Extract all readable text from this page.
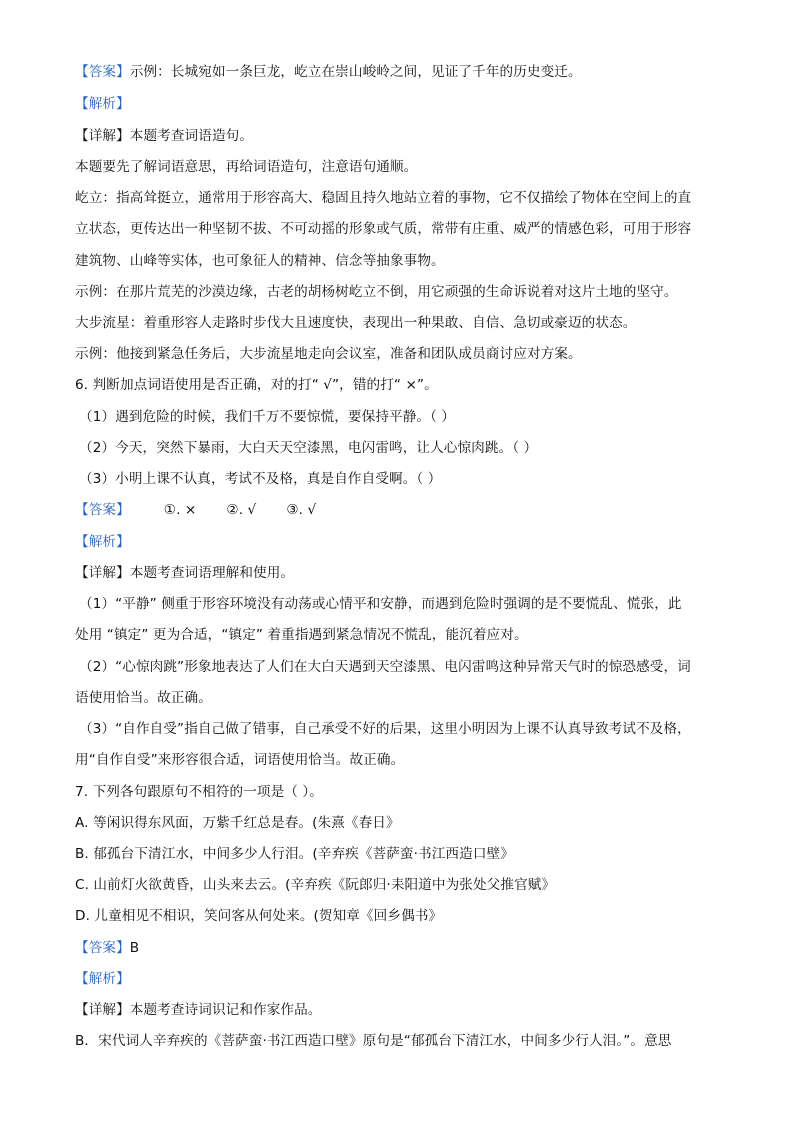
【答案】示例：长城宛如一条巨龙，屹立在崇山峻岭之间，见证了千年的历史变迁。
【解析】
【详解】本题考查词语造句。
本题要先了解词语意思，再给词语造句，注意语句通顺。
屹立：指高耸挺立，通常用于形容高大、稳固且持久地站立着的事物，它不仅描绘了物体在空间上的直
立状态，更传达出一种坚韧不拔、不可动摇的形象或气质，常带有庄重、威严的情感色彩，可用于形容
建筑物、山峰等实体，也可象征人的精神、信念等抽象事物。
示例：在那片荒芜的沙漠边缘，古老的胡杨树屹立不倒，用它顽强的生命诉说着对这片土地的坚守。
大步流星：着重形容人走路时步伐大且速度快，表现出一种果敢、自信、急切或豪迈的状态。
示例：他接到紧急任务后，大步流星地走向会议室，准备和团队成员商讨应对方案。
6. 判断加点词语使用是否正确，对的打“ √”，错的打“ ×”。
（1）遇到危险的时候，我们千万不要惊慌，要保持平静。（ ）
（2）今天，突然下暴雨，大白天天空漆黑，电闪雷鸣，让人心惊肉跳。（ ）
（3）小明上课不认真，考试不及格，真是自作自受啊。（ ）
【答案】	①. × ②. √ ③. √
【解析】
【详解】本题考查词语理解和使用。
（1）“平静” 侧重于形容环境没有动荡或心情平和安静，而遇到危险时强调的是不要慌乱、慌张，此
处用 “镇定” 更为合适，“镇定” 着重指遇到紧急情况不慌乱，能沉着应对。
（2）“心惊肉跳”形象地表达了人们在大白天遇到天空漆黑、电闪雷鸣这种异常天气时的惊恐感受，词
语使用恰当。故正确。
（3）“自作自受”指自己做了错事，自己承受不好的后果，这里小明因为上课不认真导致考试不及格，
用“自作自受”来形容很合适，词语使用恰当。故正确。
7. 下列各句跟原句不相符的一项是（ ）。
A. 等闲识得东风面，万紫千红总是春。(朱熹《春日》
B. 郁孤台下清江水，中间多少人行泪。(辛弃疾《菩萨蛮·书江西造口壁》
C. 山前灯火欲黄昏，山头来去云。(辛弃疾《阮郎归·耒阳道中为张处父推官赋》
D. 儿童相见不相识，笑问客从何处来。(贺知章《回乡偶书》
【答案】B
【解析】
【详解】本题考查诗词识记和作家作品。
B．宋代词人辛弃疾的《菩萨蛮·书江西造口壁》原句是“郁孤台下清江水，中间多少行人泪。”。意思
